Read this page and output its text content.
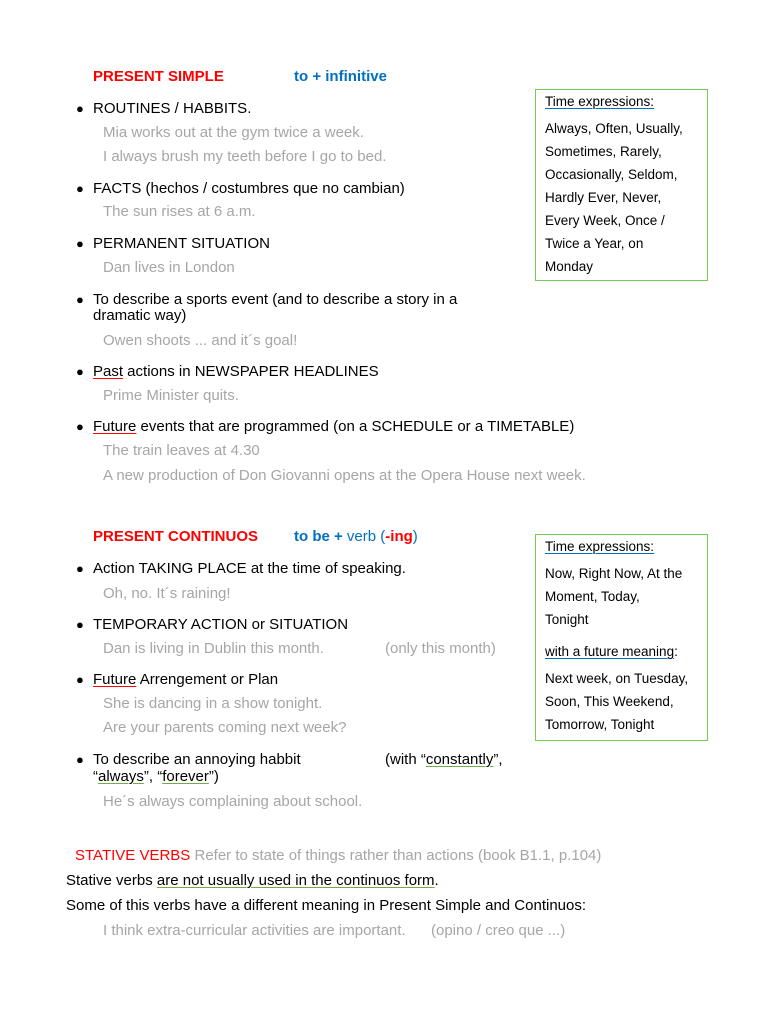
PRESENT SIMPLE	to + infinitive
● ROUTINES / HABBITS.
Mia works out at the gym twice a week.
I always brush my teeth before I go to bed.
● FACTS (hechos / costumbres que no cambian)
The sun rises at 6 a.m.
● PERMANENT SITUATION
Dan lives in London
● To describe a sports event (and to describe a story in a
dramatic way)
Owen shoots ... and it´s goal!
● Past actions in NEWSPAPER HEADLINES
Prime Minister quits.
● Future events that are programmed (on a SCHEDULE or a TIMETABLE)
The train leaves at 4.30
A new production of Don Giovanni opens at the Opera House next week.
Time expressions:
Always, Often, Usually,
Sometimes, Rarely,
Occasionally, Seldom,
Hardly Ever, Never,
Every Week, Once /
Twice a Year, on
Monday
PRESENT CONTINUOS to be + verb (-ing)
● Action TAKING PLACE at the time of speaking.
Oh, no. It´s raining!
● TEMPORARY ACTION or SITUATION
Dan is living in Dublin this month.	(only this month)
● Future Arrengement or Plan
She is dancing in a show tonight.
Are your parents coming next week?
● To describe an annoying habbit	(with “constantly”,
“always”, “forever”)
He´s always complaining about school.
Time expressions:
Now, Right Now, At the
Moment, Today,
Tonight
with a future meaning:
Next week, on Tuesday,
Soon, This Weekend,
Tomorrow, Tonight
STATIVE VERBS Refer to state of things rather than actions (book B1.1, p.104)
Stative verbs are not usually used in the continuos form.
Some of this verbs have a different meaning in Present Simple and Continuos:
I think extra-curricular activities are important. (opino / creo que ...)
